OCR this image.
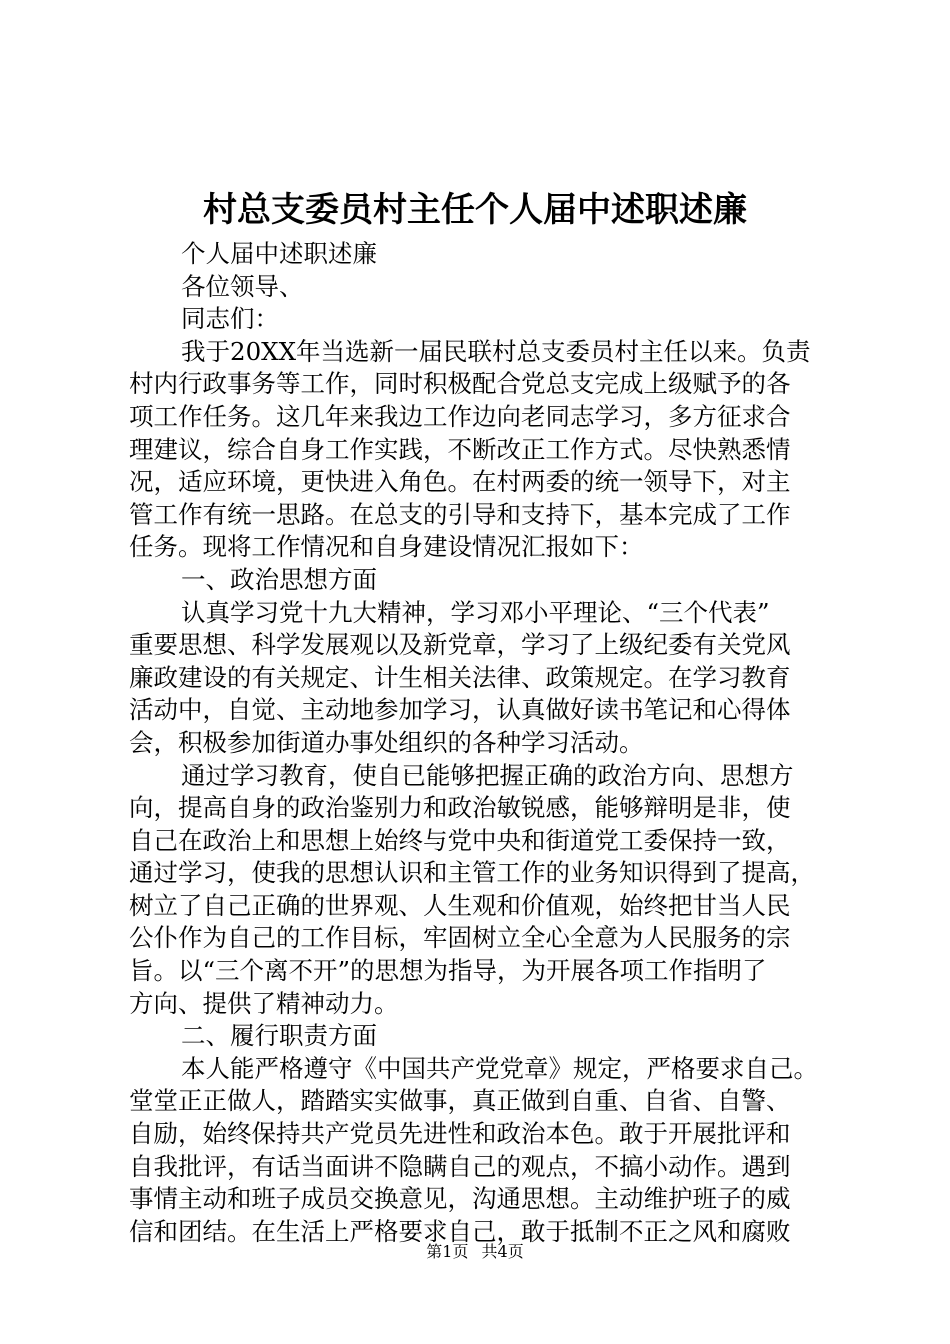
村总支委员村主任个人届中述职述廉
个人届中述职述廉
各位领导、
同志们：
我于20XX年当选新一届民联村总支委员村主任以来。负责
村内行政事务等工作，同时积极配合党总支完成上级赋予的各
项工作任务。这几年来我边工作边向老同志学习，多方征求合
理建议，综合自身工作实践，不断改正工作方式。尽快熟悉情
况，适应环境，更快进入角色。在村两委的统一领导下，对主
管工作有统一思路。在总支的引导和支持下，基本完成了工作
任务。现将工作情况和自身建设情况汇报如下：
一、政治思想方面
认真学习党十九大精神，学习邓小平理论、“三个代表”
重要思想、科学发展观以及新党章，学习了上级纪委有关党风
廉政建设的有关规定、计生相关法律、政策规定。在学习教育
活动中，自觉、主动地参加学习，认真做好读书笔记和心得体
会，积极参加街道办事处组织的各种学习活动。
通过学习教育，使自已能够把握正确的政治方向、思想方
向，提高自身的政治鉴别力和政治敏锐感，能够辩明是非，使
自己在政治上和思想上始终与党中央和街道党工委保持一致，
通过学习，使我的思想认识和主管工作的业务知识得到了提高，
树立了自己正确的世界观、人生观和价值观，始终把甘当人民
公仆作为自己的工作目标，牢固树立全心全意为人民服务的宗
旨。以“三个离不开”的思想为指导，为开展各项工作指明了
方向、提供了精神动力。
二、履行职责方面
本人能严格遵守《中国共产党党章》规定，严格要求自己。
堂堂正正做人，踏踏实实做事，真正做到自重、自省、自警、
自励，始终保持共产党员先进性和政治本色。敢于开展批评和
自我批评，有话当面讲不隐瞒自己的观点，不搞小动作。遇到
事情主动和班子成员交换意见，沟通思想。主动维护班子的威
信和团结。在生活上严格要求自己，敢于抵制不正之风和腐败
第1页 共4页
